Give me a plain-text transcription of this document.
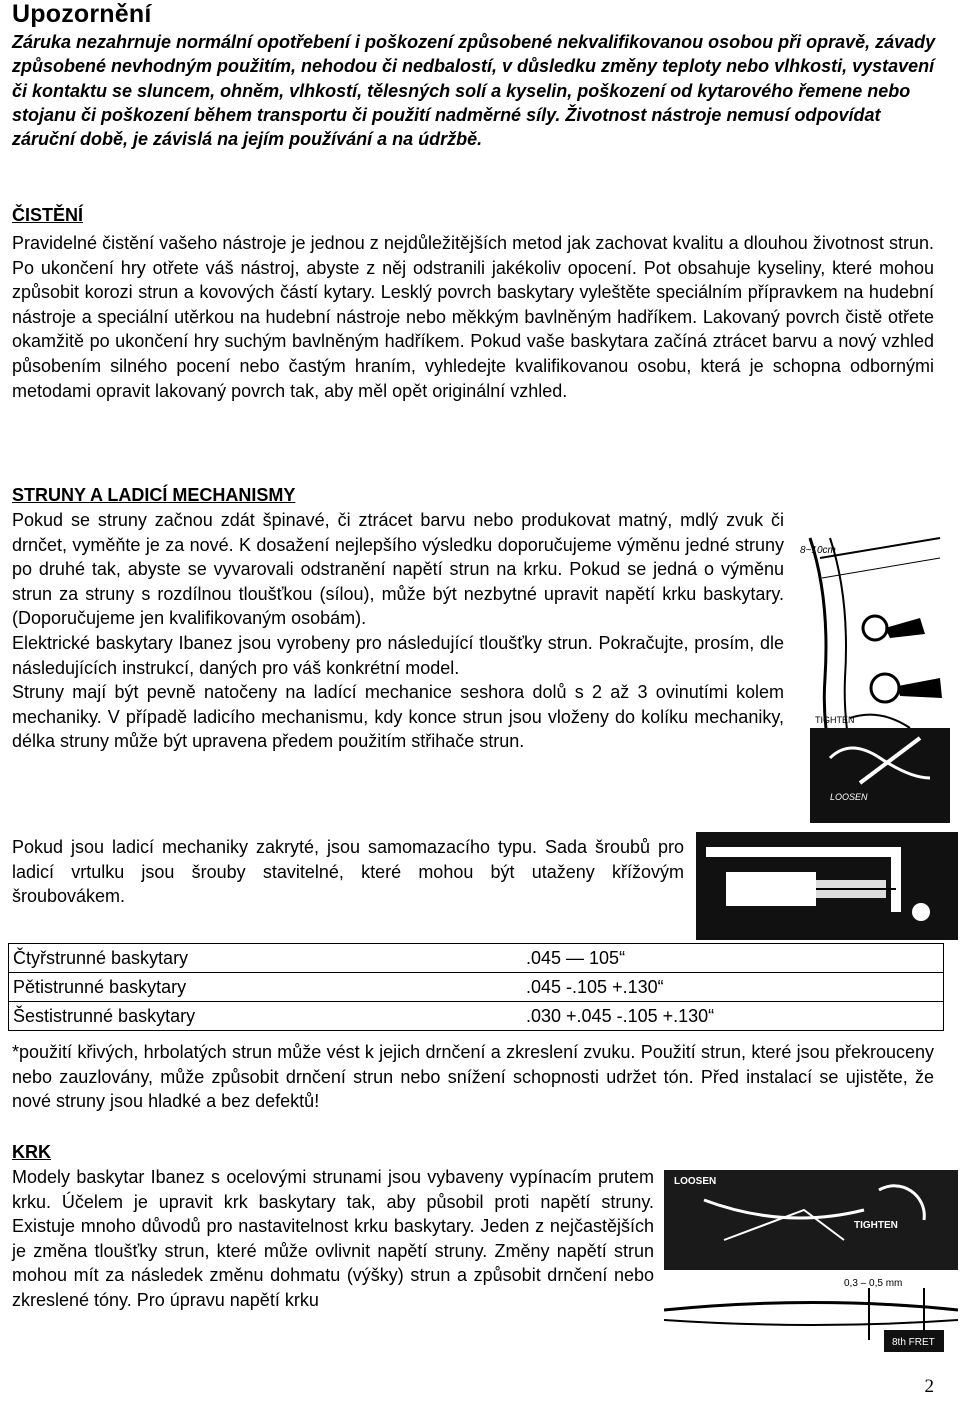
Upozornění
Záruka nezahrnuje normální opotřebení i poškození způsobené nekvalifikovanou osobou při opravě, závady způsobené nevhodným použitím, nehodou či nedbalostí, v důsledku změny teploty nebo vlhkosti, vystavení či kontaktu se sluncem, ohněm, vlhkostí, tělesných solí a kyselin, poškození od kytarového řemene nebo stojanu či poškození během transportu či použití nadměrné síly. Životnost nástroje nemusí odpovídat záruční době, je závislá na jejím používání a na údržbě.
ČISTĚNÍ
Pravidelné čistění vašeho nástroje je jednou z nejdůležitějších metod jak zachovat kvalitu a dlouhou životnost strun. Po ukončení hry otřete váš nástroj, abyste z něj odstranili jakékoliv opocení. Pot obsahuje kyseliny, které mohou způsobit korozi strun a kovových částí kytary. Lesklý povrch baskytary vyleštěte speciálním přípravkem na hudební nástroje a speciální utěrkou na hudební nástroje nebo měkkým bavlněným hadříkem. Lakovaný povrch čistě otřete okamžitě po ukončení hry suchým bavlněným hadříkem. Pokud vaše baskytara začíná ztrácet barvu a nový vzhled působením silného pocení nebo častým hraním, vyhledejte kvalifikovanou osobu, která je schopna odbornými metodami opravit lakovaný povrch tak, aby měl opět originální vzhled.
STRUNY A LADICÍ MECHANISMY

Pokud se struny začnou zdát špinavé, či ztrácet barvu nebo produkovat matný, mdlý zvuk či drnčet, vyměňte je za nové. K dosažení nejlepšího výsledku doporučujeme výměnu jedné struny po druhé tak, abyste se vyvarovali odstranění napětí strun na krku. Pokud se jedná o výměnu strun za struny s rozdílnou tloušťkou (sílou), může být nezbytné upravit napětí krku baskytary. (Doporučujeme jen kvalifikovaným osobám).

Elektrické baskytary Ibanez jsou vyrobeny pro následující tloušťky strun. Pokračujte, prosím, dle následujících instrukcí, daných pro váš konkrétní model.

Struny mají být pevně natočeny na ladící mechanice seshora dolů s 2 až 3 ovinutími kolem mechaniky. V případě ladicího mechanismu, kdy konce strun jsou vloženy do kolíku mechaniky, délka struny může být upravena předem použitím střihače strun.

Pokud jsou ladicí mechaniky zakryté, jsou samomazacího typu. Sada šroubů pro ladicí vrtulku jsou šrouby stavitelné, které mohou být utaženy křížovým šroubovákem.
LOOSEN
TIGHTEN
8~10cm
Čtyřstrunné baskytary	.045 — 105“
Pětistrunné baskytary	.045 -.105 +.130“
Šestistrunné baskytary	.030 +.045 -.105 +.130“
*použití křivých, hrbolatých strun může vést k jejich drnčení a zkreslení zvuku. Použití strun, které jsou překrouceny nebo zauzlovány, může způsobit drnčení strun nebo snížení schopnosti udržet tón. Před instalací se ujistěte, že nové struny jsou hladké a bez defektů!
KRK
Modely baskytar Ibanez s ocelovými strunami jsou vybaveny vypínacím prutem krku. Účelem je upravit krk baskytary tak, aby působil proti napětí struny. Existuje mnoho důvodů pro nastavitelnost krku baskytary. Jeden z nejčastějších je změna tloušťky strun, které může ovlivnit napětí struny. Změny napětí strun mohou mít za následek změnu dohmatu (výšky) strun a způsobit drnčení nebo zkreslené tóny. Pro úpravu napětí krku
LOOSEN
TIGHTEN
0,3 – 0,5 mm
8th FRET
2
